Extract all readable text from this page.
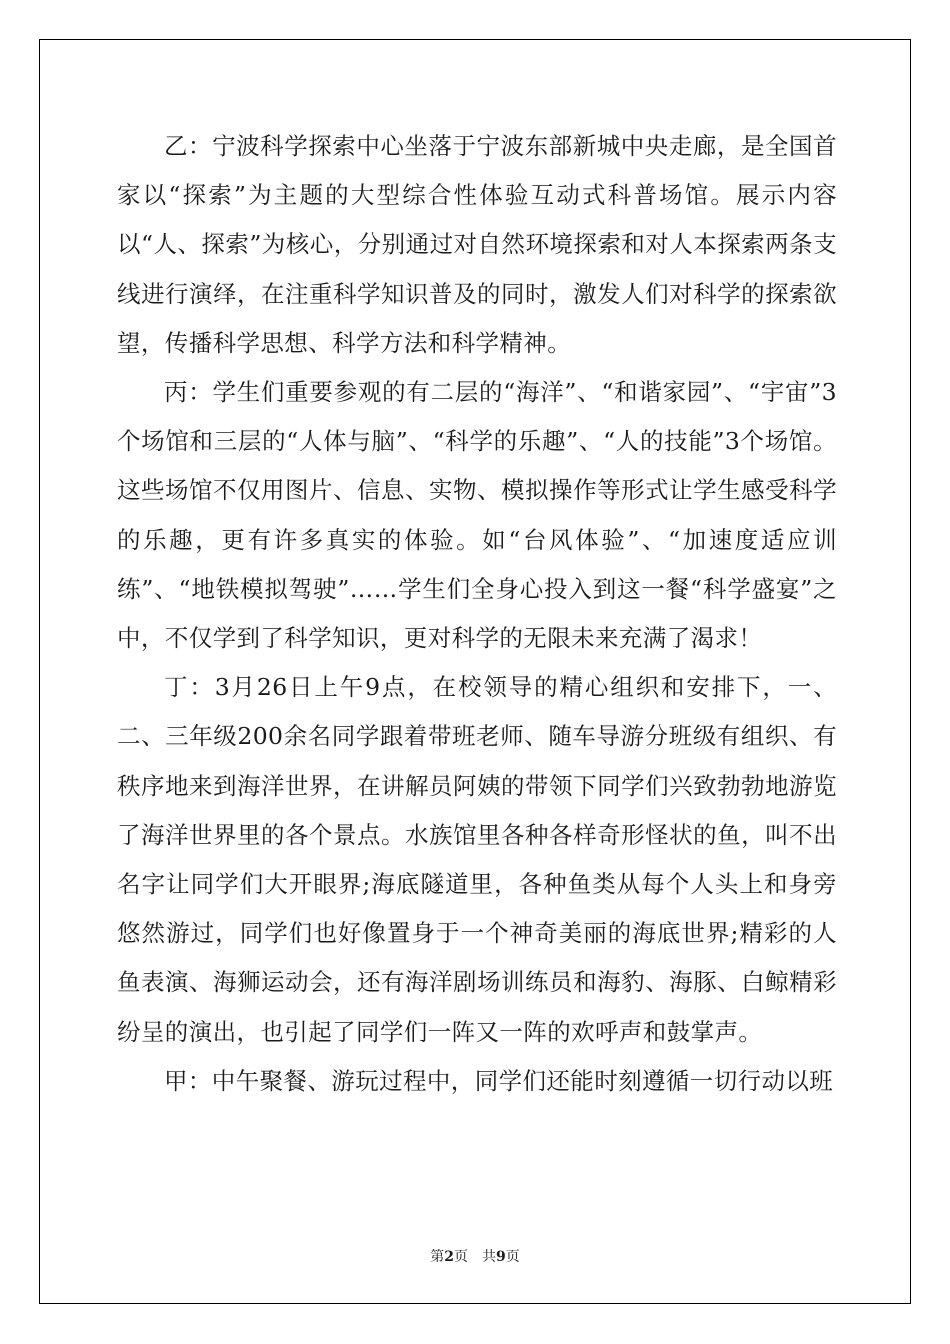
乙：宁波科学探索中心坐落于宁波东部新城中央走廊，是全国首家以“探索”为主题的大型综合性体验互动式科普场馆。展示内容以“人、探索”为核心，分别通过对自然环境探索和对人本探索两条支线进行演绎，在注重科学知识普及的同时，激发人们对科学的探索欲望，传播科学思想、科学方法和科学精神。

丙：学生们重要参观的有二层的“海洋”、“和谐家园”、“宇宙”3个场馆和三层的“人体与脑”、“科学的乐趣”、“人的技能”3个场馆。这些场馆不仅用图片、信息、实物、模拟操作等形式让学生感受科学的乐趣，更有许多真实的体验。如“台风体验”、“加速度适应训练”、“地铁模拟驾驶”……学生们全身心投入到这一餐“科学盛宴”之中，不仅学到了科学知识，更对科学的无限未来充满了渴求！

丁：3月26日上午9点，在校领导的精心组织和安排下，一、二、三年级200余名同学跟着带班老师、随车导游分班级有组织、有秩序地来到海洋世界，在讲解员阿姨的带领下同学们兴致勃勃地游览了海洋世界里的各个景点。水族馆里各种各样奇形怪状的鱼，叫不出名字让同学们大开眼界;海底隧道里，各种鱼类从每个人头上和身旁悠然游过，同学们也好像置身于一个神奇美丽的海底世界;精彩的人鱼表演、海狮运动会，还有海洋剧场训练员和海豹、海豚、白鲸精彩纷呈的演出，也引起了同学们一阵又一阵的欢呼声和鼓掌声。

甲：中午聚餐、游玩过程中，同学们还能时刻遵循一切行动以班

第2页 共9页
